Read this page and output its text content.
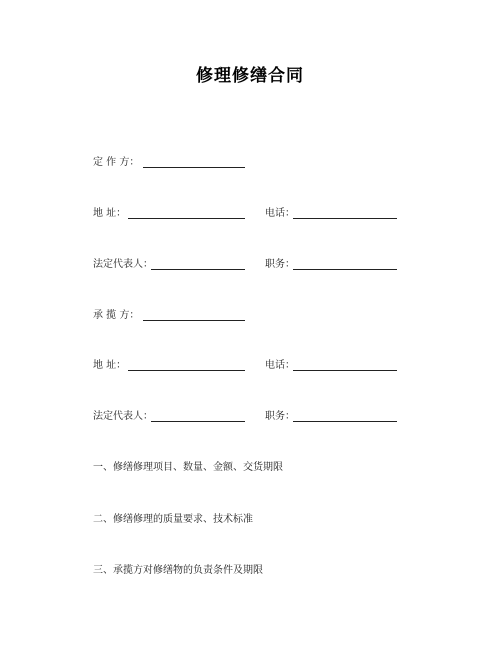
修理修缮合同
定 作 方：
地 址：	电话：
法定代表人：	职务：
承 揽 方：
地 址：	电话：
法定代表人：	职务：
一、修缮修理项目、数量、金额、交货期限
二、修缮修理的质量要求、技术标准
三、承揽方对修缮物的负责条件及期限
